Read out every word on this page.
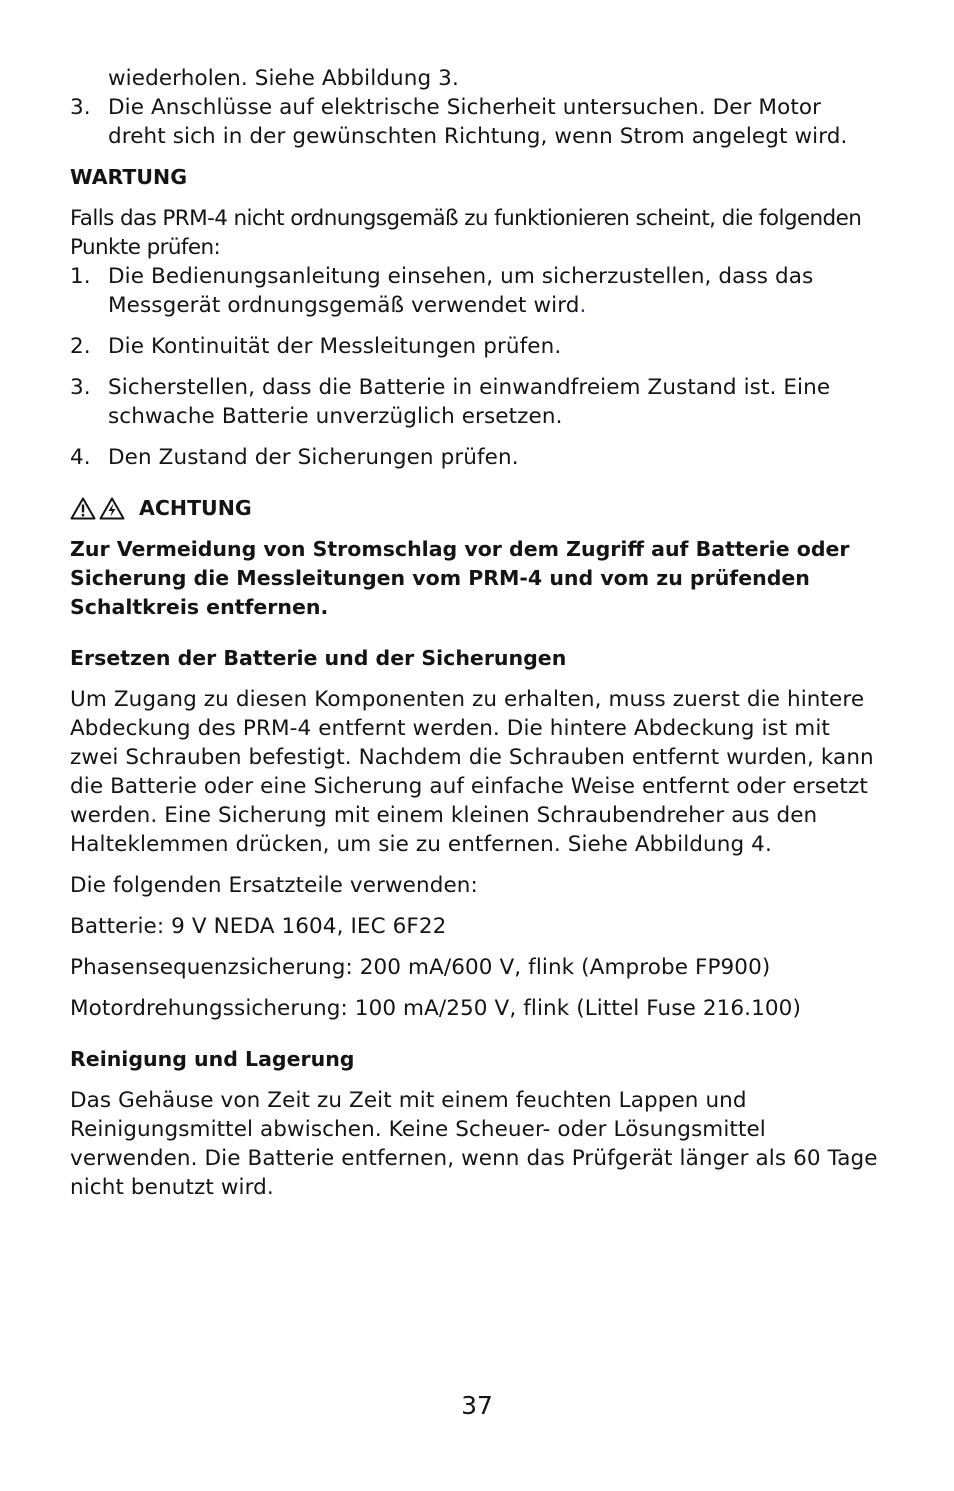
wiederholen. Siehe Abbildung 3.

3. Die Anschlüsse auf elektrische Sicherheit untersuchen. Der Motor dreht sich in der gewünschten Richtung, wenn Strom angelegt wird.

WARTUNG

Falls das PRM-4 nicht ordnungsgemäß zu funktionieren scheint, die folgenden Punkte prüfen:

1. Die Bedienungsanleitung einsehen, um sicherzustellen, dass das Messgerät ordnungsgemäß verwendet wird.
2. Die Kontinuität der Messleitungen prüfen.
3. Sicherstellen, dass die Batterie in einwandfreiem Zustand ist. Eine schwache Batterie unverzüglich ersetzen.
4. Den Zustand der Sicherungen prüfen.
ACHTUNG

Zur Vermeidung von Stromschlag vor dem Zugriff auf Batterie oder Sicherung die Messleitungen vom PRM-4 und vom zu prüfenden Schaltkreis entfernen.

Ersetzen der Batterie und der Sicherungen

Um Zugang zu diesen Komponenten zu erhalten, muss zuerst die hintere Abdeckung des PRM-4 entfernt werden. Die hintere Abdeckung ist mit zwei Schrauben befestigt. Nachdem die Schrauben entfernt wurden, kann die Batterie oder eine Sicherung auf einfache Weise entfernt oder ersetzt werden. Eine Sicherung mit einem kleinen Schraubendreher aus den Halteklemmen drücken, um sie zu entfernen. Siehe Abbildung 4.

Die folgenden Ersatzteile verwenden:

Batterie: 9 V NEDA 1604, IEC 6F22

Phasensequenzsicherung: 200 mA/600 V, flink (Amprobe FP900)

Motordrehungssicherung: 100 mA/250 V, flink (Littel Fuse 216.100)

Reinigung und Lagerung

Das Gehäuse von Zeit zu Zeit mit einem feuchten Lappen und Reinigungsmittel abwischen. Keine Scheuer- oder Lösungsmittel verwenden. Die Batterie entfernen, wenn das Prüfgerät länger als 60 Tage nicht benutzt wird.

37
